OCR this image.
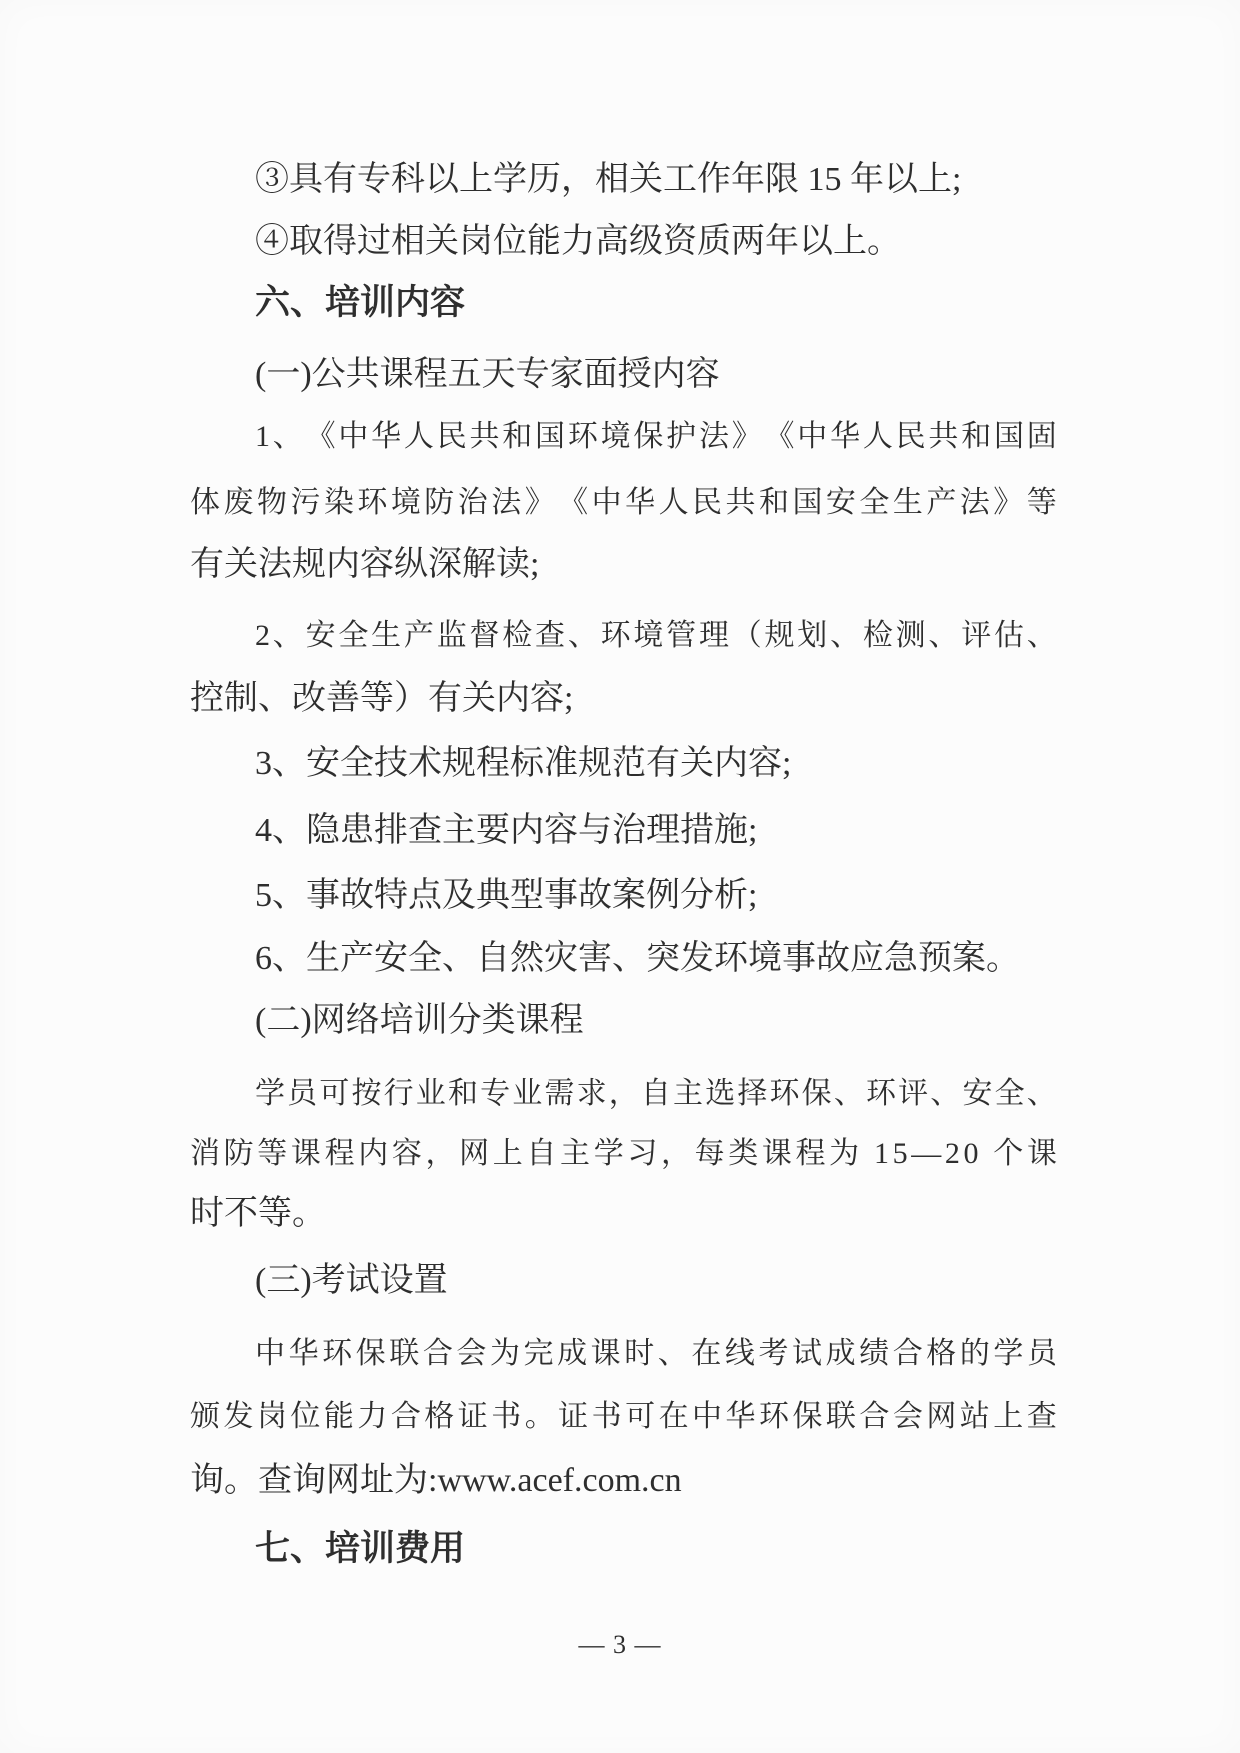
③具有专科以上学历，相关工作年限 15 年以上;
④取得过相关岗位能力高级资质两年以上。
六、培训内容
(一)公共课程五天专家面授内容
1 、 《 中 华 人 民 共 和 国 环 境 保 护 法 》 《 中 华 人 民 共 和 国 固
体 废 物 污 染 环 境 防 治 法 》 《 中 华 人 民 共 和 国 安 全 生 产 法 》 等
有关法规内容纵深解读;
2 、 安 全 生 产 监 督 检 查 、 环 境 管 理 （ 规 划 、 检 测 、 评 估 、
控制、改善等）有关内容;
3、安全技术规程标准规范有关内容;
4、隐患排查主要内容与治理措施;
5、事故特点及典型事故案例分析;
6、生产安全、自然灾害、突发环境事故应急预案。
(二)网络培训分类课程
学 员 可 按 行 业 和 专 业 需 求 ， 自 主 选 择 环 保 、 环 评 、 安 全 、
消 防 等 课 程 内 容 ， 网 上 自 主 学 习 ， 每 类 课 程 为
1 5 — 2 0
个 课
时不等。
(三)考试设置
中 华 环 保 联 合 会 为 完 成 课 时 、 在 线 考 试 成 绩 合 格 的 学 员
颁 发 岗 位 能 力 合 格 证 书 。 证 书 可 在 中 华 环 保 联 合 会 网 站 上 查
询。查询网址为:www.acef.com.cn
七、培训费用
— 3 —
